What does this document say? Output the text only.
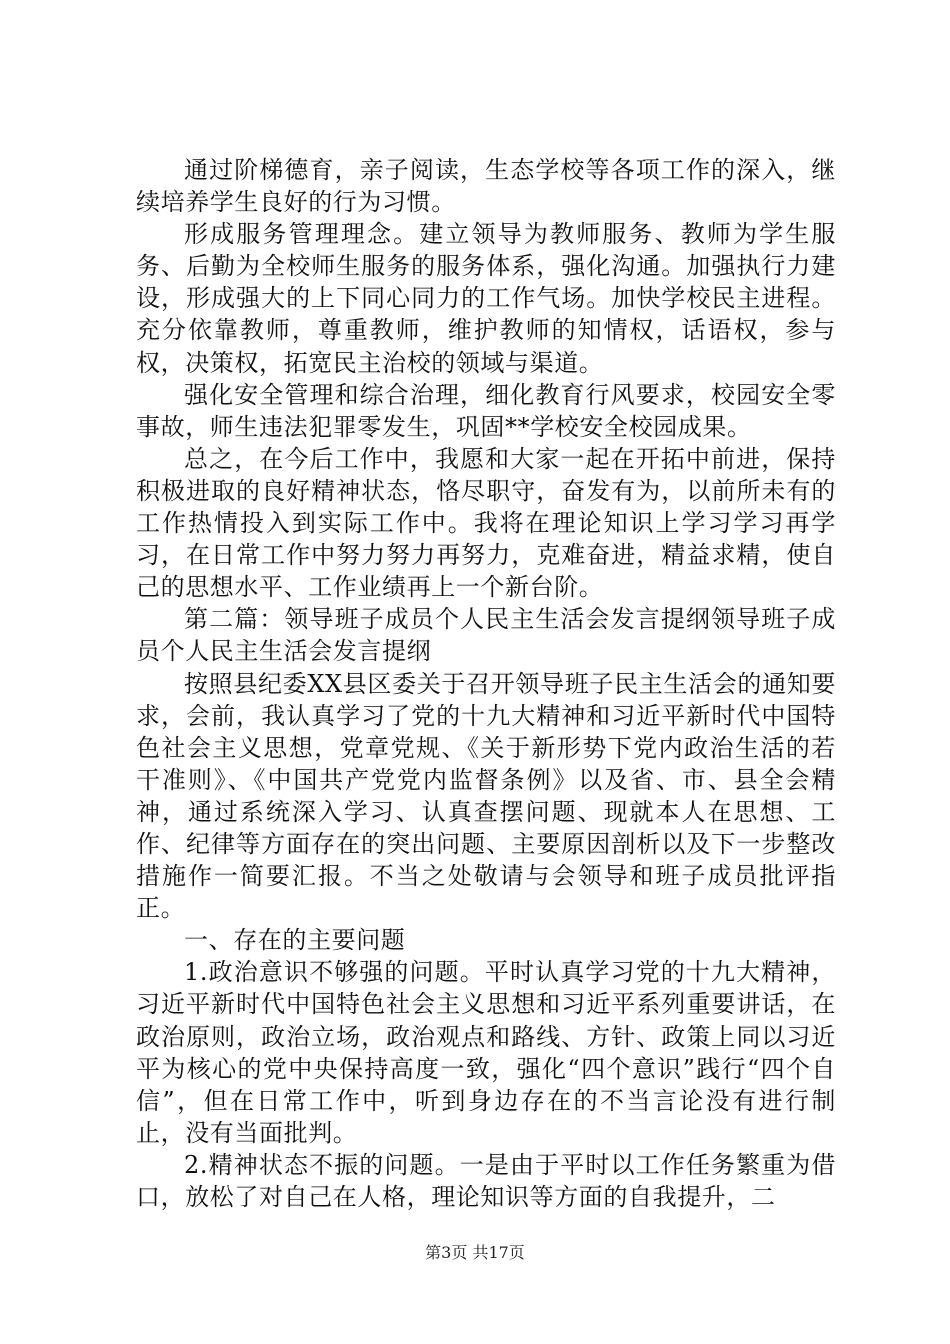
通过阶梯德育，亲子阅读，生态学校等各项工作的深入，继续培养学生良好的行为习惯。

形成服务管理理念。建立领导为教师服务、教师为学生服务、后勤为全校师生服务的服务体系，强化沟通。加强执行力建设，形成强大的上下同心同力的工作气场。加快学校民主进程。充分依靠教师，尊重教师，维护教师的知情权，话语权，参与权，决策权，拓宽民主治校的领域与渠道。

强化安全管理和综合治理，细化教育行风要求，校园安全零事故，师生违法犯罪零发生，巩固**学校安全校园成果。

总之，在今后工作中，我愿和大家一起在开拓中前进，保持积极进取的良好精神状态，恪尽职守，奋发有为，以前所未有的工作热情投入到实际工作中。我将在理论知识上学习学习再学习，在日常工作中努力努力再努力，克难奋进，精益求精，使自己的思想水平、工作业绩再上一个新台阶。

第二篇：领导班子成员个人民主生活会发言提纲领导班子成员个人民主生活会发言提纲

按照县纪委XX县区委关于召开领导班子民主生活会的通知要求，会前，我认真学习了党的十九大精神和习近平新时代中国特色社会主义思想，党章党规、《关于新形势下党内政治生活的若干准则》、《中国共产党党内监督条例》以及省、市、县全会精神，通过系统深入学习、认真查摆问题、现就本人在思想、工作、纪律等方面存在的突出问题、主要原因剖析以及下一步整改措施作一简要汇报。不当之处敬请与会领导和班子成员批评指正。

一、存在的主要问题

1.政治意识不够强的问题。平时认真学习党的十九大精神，习近平新时代中国特色社会主义思想和习近平系列重要讲话，在政治原则，政治立场，政治观点和路线、方针、政策上同以习近平为核心的党中央保持高度一致，强化“四个意识”践行“四个自信”，但在日常工作中，听到身边存在的不当言论没有进行制止，没有当面批判。

2.精神状态不振的问题。一是由于平时以工作任务繁重为借口，放松了对自己在人格，理论知识等方面的自我提升，二

第3页 共17页
